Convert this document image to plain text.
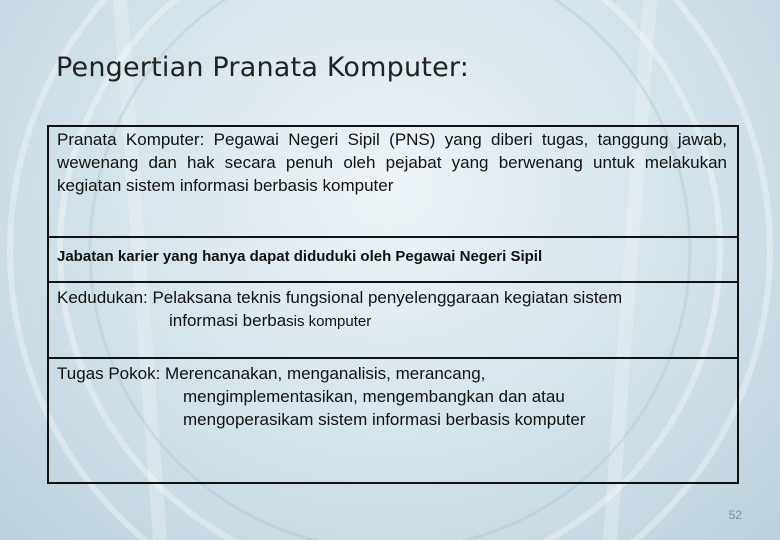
Pengertian Pranata Komputer:
Pranata Komputer: Pegawai Negeri Sipil (PNS) yang diberi tugas, tanggung jawab, wewenang dan hak secara penuh oleh pejabat yang berwenang untuk melakukan kegiatan sistem informasi berbasis komputer
Jabatan karier yang hanya dapat diduduki oleh Pegawai Negeri Sipil
Kedudukan: Pelaksana teknis fungsional penyelenggaraan kegiatan sistem
informasi berbasis komputer
Tugas Pokok: Merencanakan, menganalisis, merancang,
mengimplementasikan, mengembangkan dan atau
mengoperasikam sistem informasi berbasis komputer
52
